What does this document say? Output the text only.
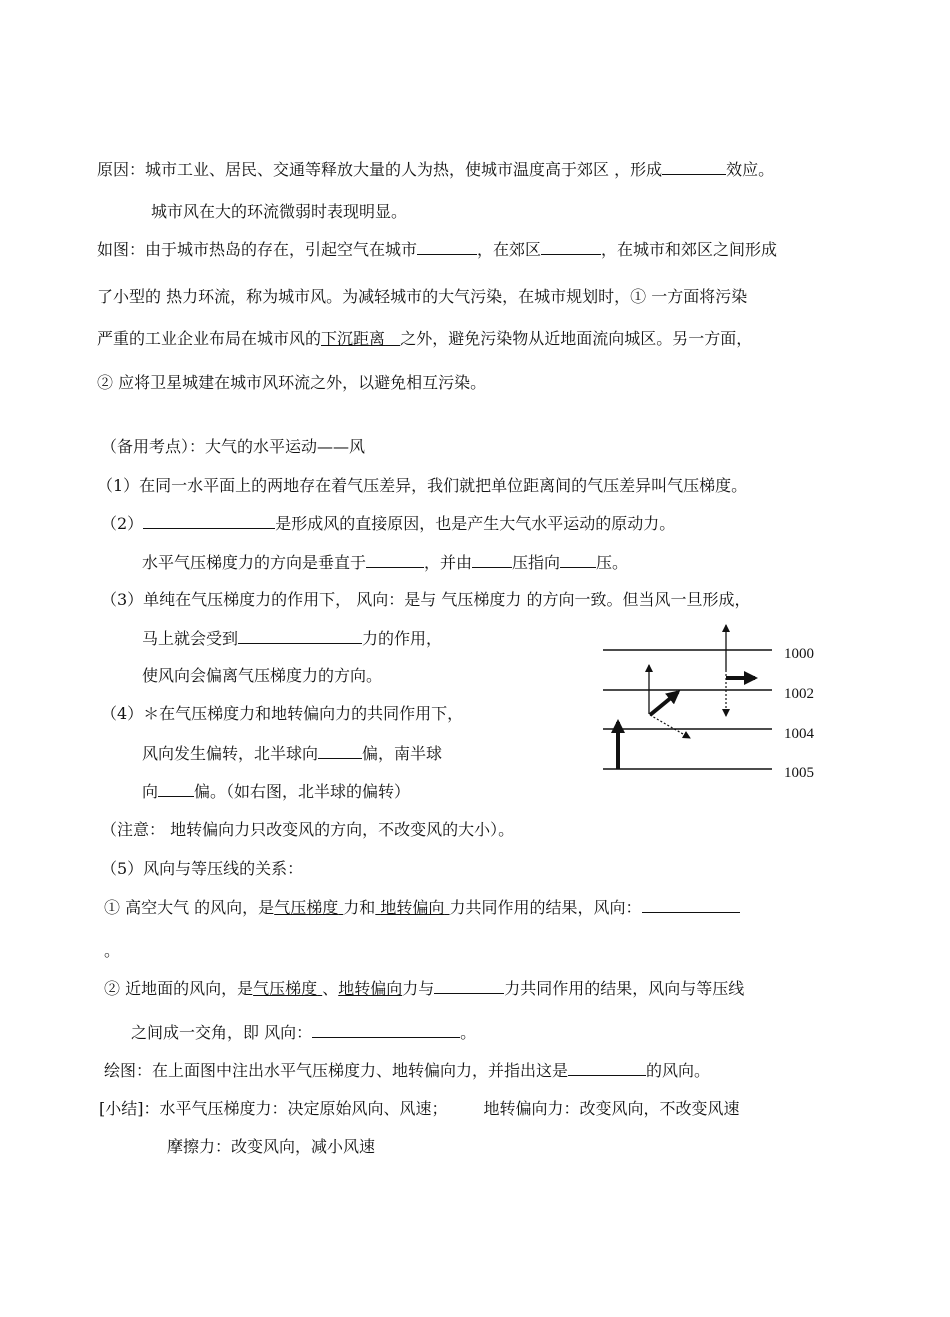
原因：城市工业、居民、交通等释放大量的人为热，使城市温度高于郊区 ，形成	效应。
城市风在大的环流微弱时表现明显。
如图：由于城市热岛的存在，引起空气在城市	，在郊区	，在城市和郊区之间形成
了小型的 热力环流，称为城市风。为减轻城市的大气污染，在城市规划时，① 一方面将污染
严重的工业企业布局在城市风的下沉距离 之外，避免污染物从近地面流向城区。另一方面，
② 应将卫星城建在城市风环流之外，以避免相互污染。
（备用考点）：大气的水平运动——风
（1）在同一水平面上的两地存在着气压差异，我们就把单位距离间的气压差异叫气压梯度。
（2）	是形成风的直接原因，也是产生大气水平运动的原动力。
水平气压梯度力的方向是垂直于	，并由	压指向 压。
（3）单纯在气压梯度力的作用下， 风向：是与 气压梯度力 的方向一致。但当风一旦形成，
马上就会受到	力的作用，
使风向会偏离气压梯度力的方向。
（4）＊在气压梯度力和地转偏向力的共同作用下，
风向发生偏转，北半球向	偏，南半球
向 偏。（如右图，北半球的偏转）
（注意： 地转偏向力只改变风的方向，不改变风的大小）。
（5）风向与等压线的关系：
① 高空大气 的风向，是气压梯度 力和 地转偏向 力共同作用的结果，风向：
。
② 近地面的风向，是气压梯度 、地转偏向力与	力共同作用的结果，风向与等压线
之间成一交角，即 风向：	。
绘图：在上面图中注出水平气压梯度力、地转偏向力，并指出这是	的风向。
[小结]：水平气压梯度力：决定原始风向、风速； 地转偏向力：改变风向，不改变风速
摩擦力：改变风向，减小风速
1000
1002
1004
1005
